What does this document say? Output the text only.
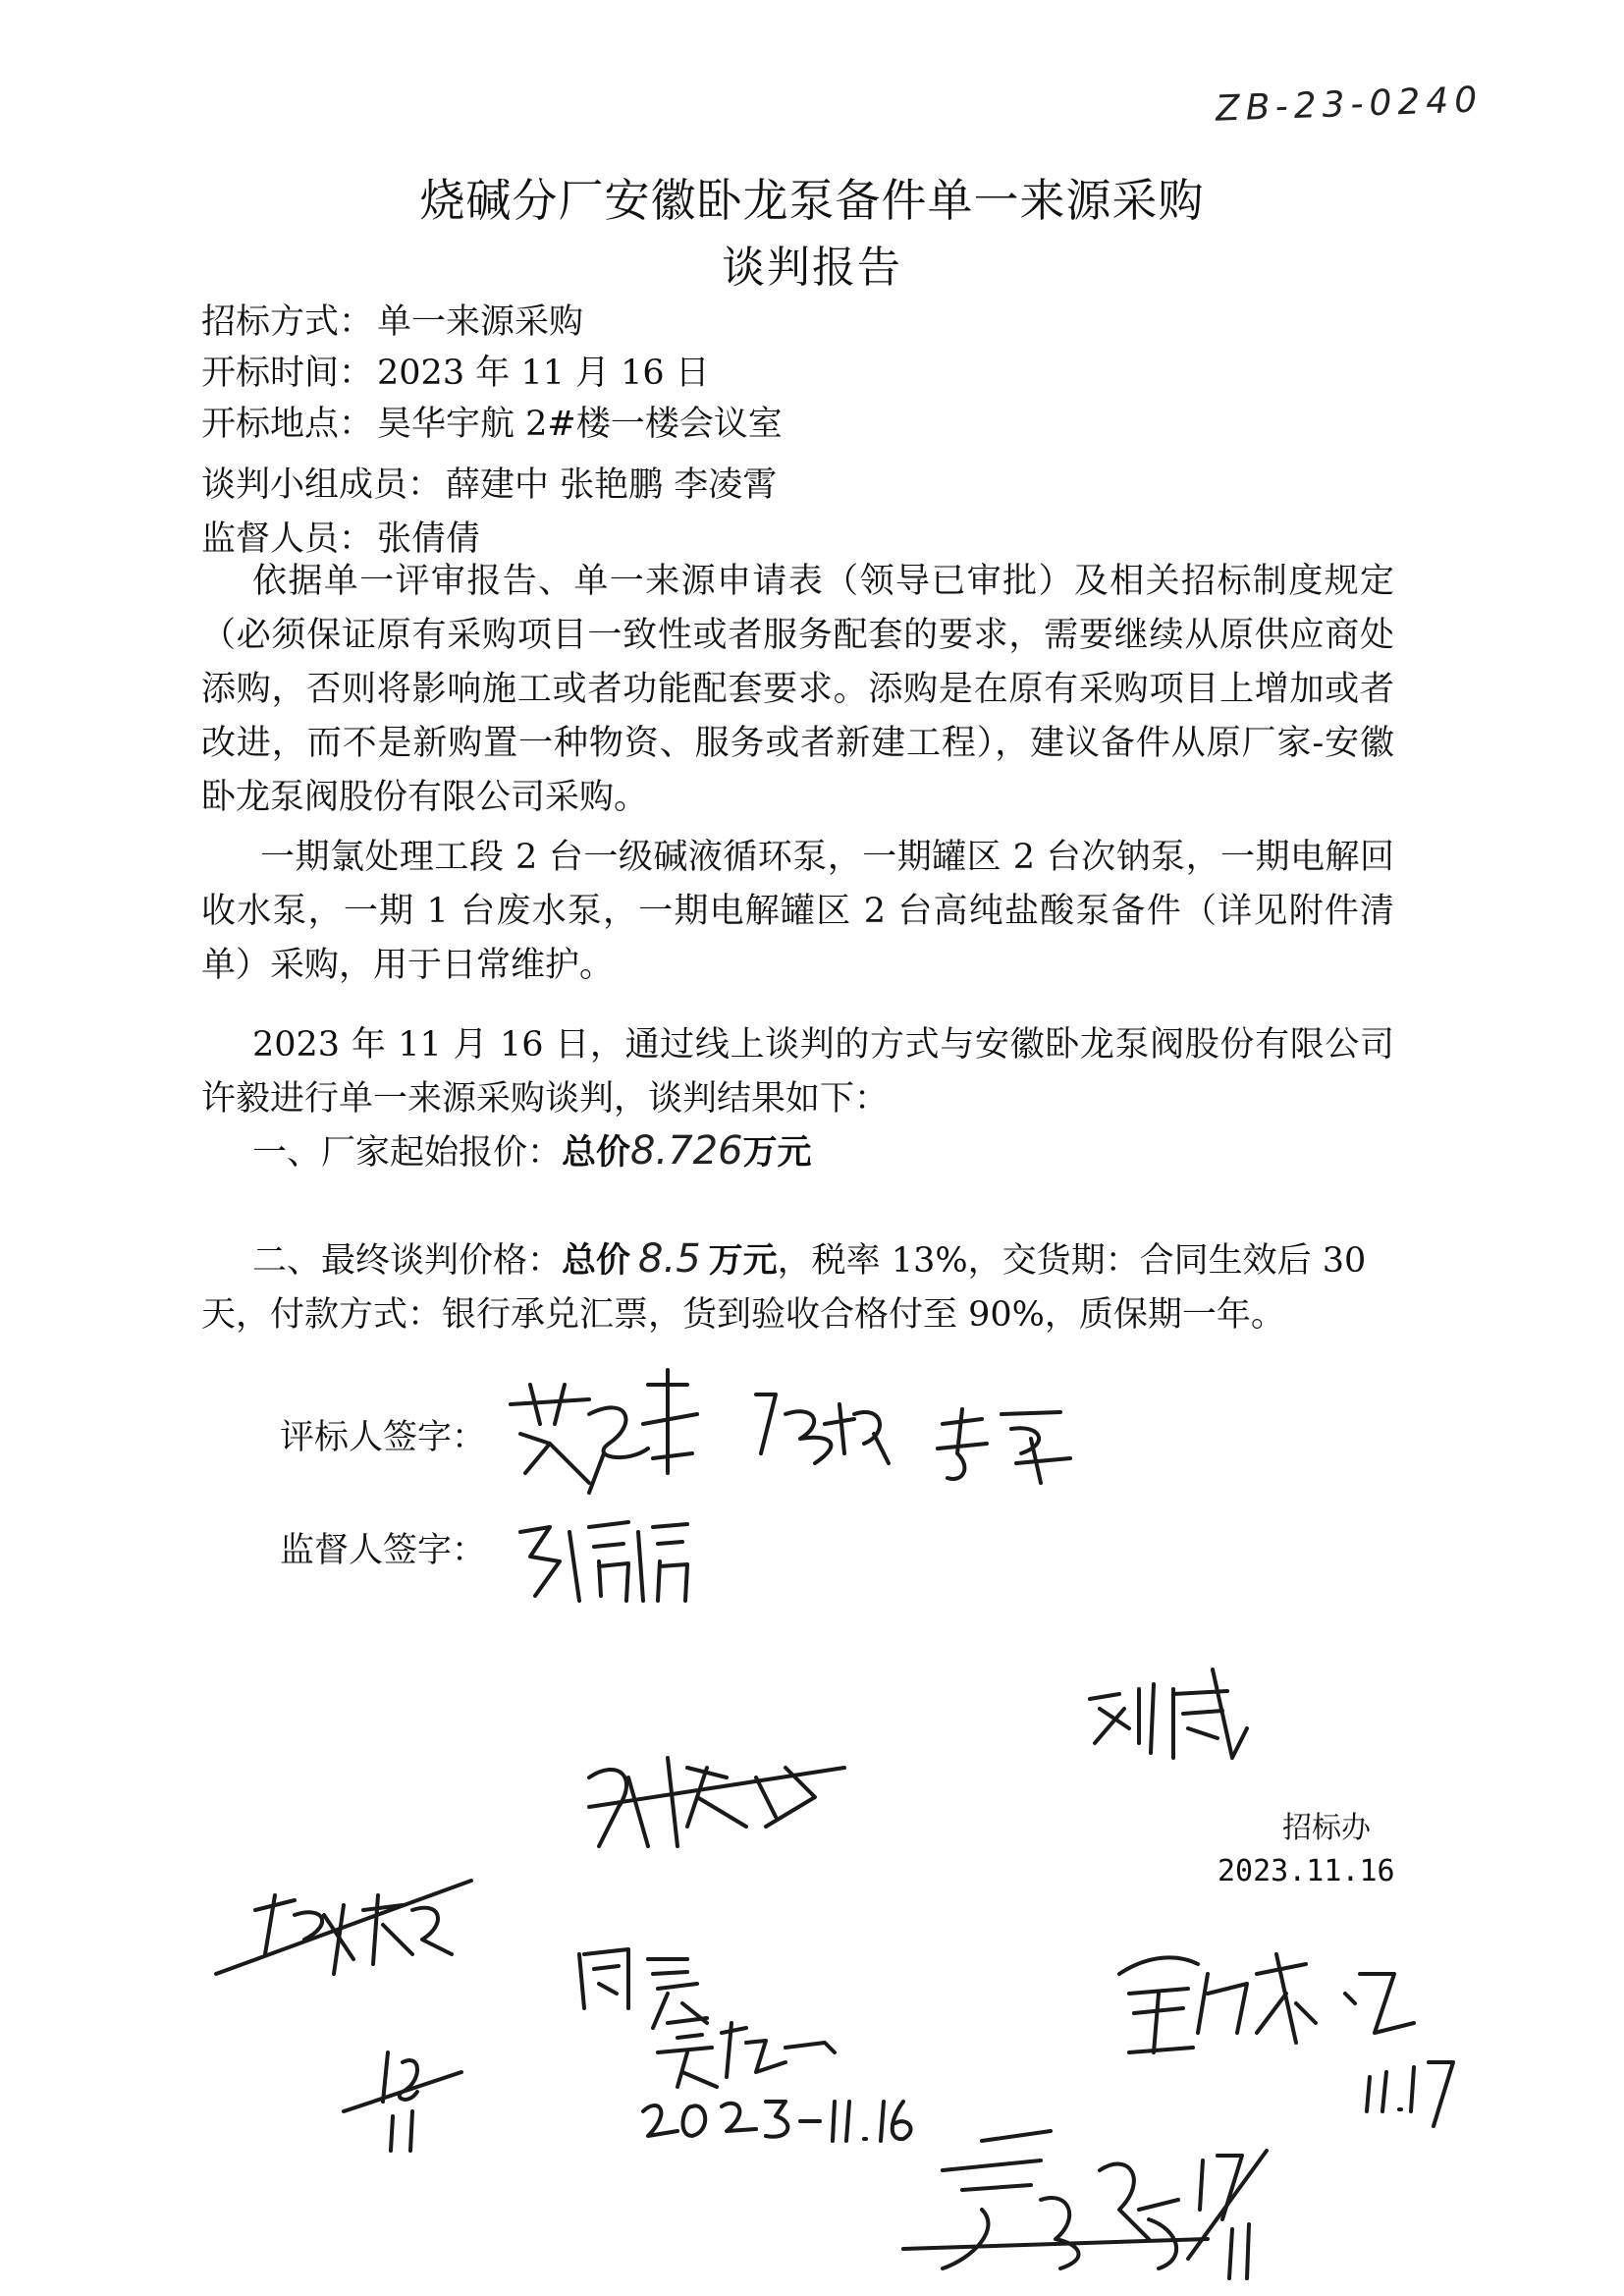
ZB-23-0240
烧碱分厂安徽卧龙泵备件单一来源采购
谈判报告
招标方式： 单一来源采购
开标时间： 2023 年 11 月 16 日
开标地点： 昊华宇航 2#楼一楼会议室
谈判小组成员： 薛建中 张艳鹏 李凌霄
监督人员： 张倩倩
依据单一评审报告、单一来源申请表（领导已审批）及相关招标制度规定（必须保证原有采购项目一致性或者服务配套的要求，需要继续从原供应商处添购，否则将影响施工或者功能配套要求。添购是在原有采购项目上增加或者改进，而不是新购置一种物资、服务或者新建工程），建议备件从原厂家-安徽卧龙泵阀股份有限公司采购。
一期氯处理工段 2 台一级碱液循环泵，一期罐区 2 台次钠泵，一期电解回收水泵，一期 1 台废水泵，一期电解罐区 2 台高纯盐酸泵备件（详见附件清单）采购，用于日常维护。
2023 年 11 月 16 日，通过线上谈判的方式与安徽卧龙泵阀股份有限公司许毅进行单一来源采购谈判，谈判结果如下：
一、厂家起始报价：总价8.726万元
二、最终谈判价格：总价 8.5 万元，税率 13%，交货期：合同生效后 30 天，付款方式：银行承兑汇票，货到验收合格付至 90%，质保期一年。
评标人签字：
监督人签字：
招标办
2023.11.16
